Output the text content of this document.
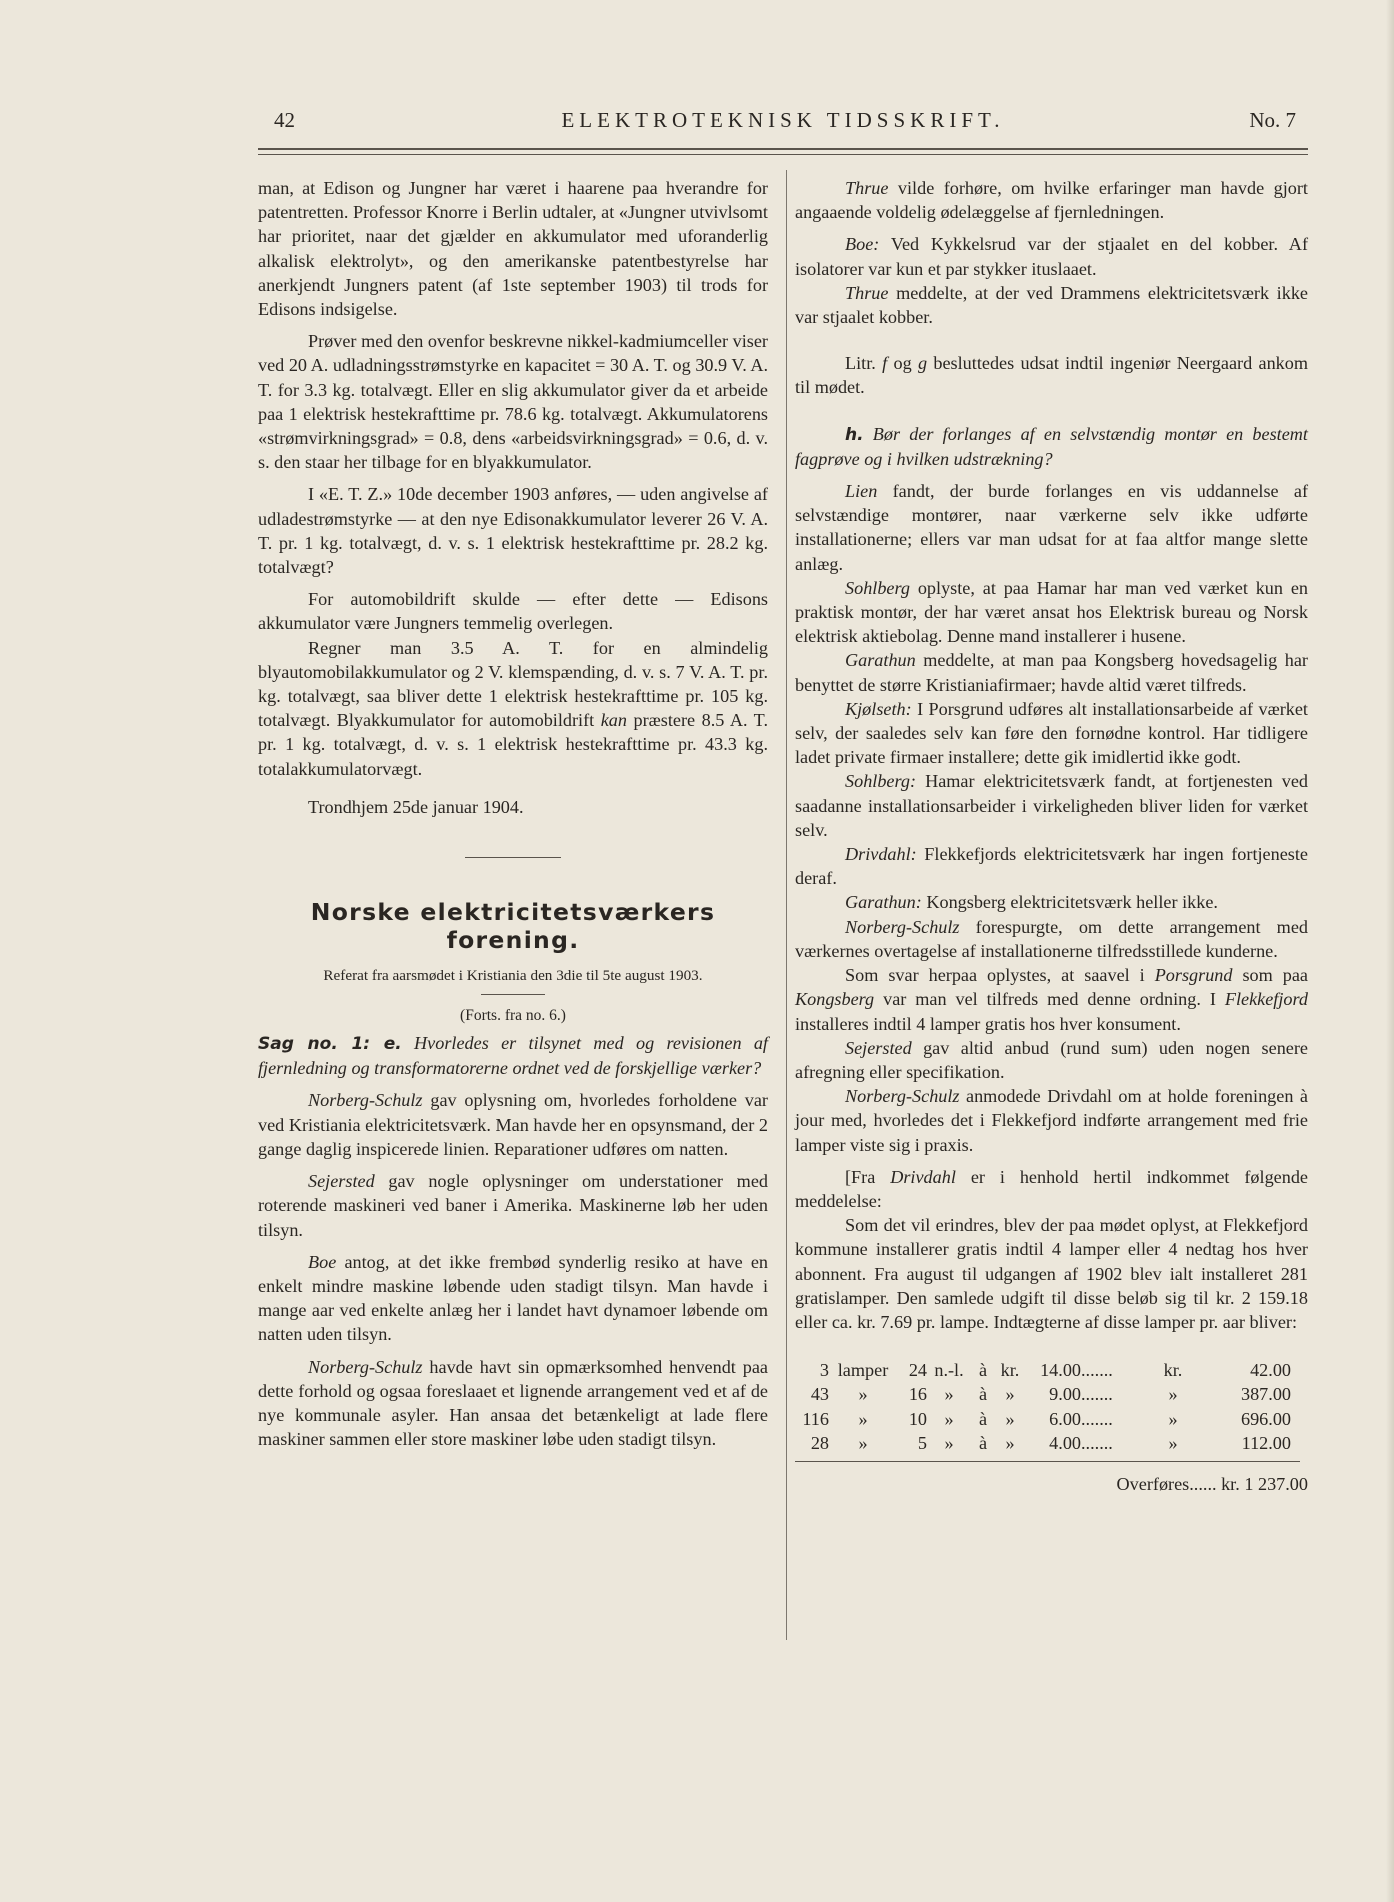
42	ELEKTROTEKNISK TIDSSKRIFT.	No. 7

man, at Edison og Jungner har været i haarene paa hverandre for patentretten. Professor Knorre i Berlin udtaler, at «Jungner utvivlsomt har prioritet, naar det gjælder en akkumulator med uforanderlig alkalisk elektrolyt», og den amerikanske patentbestyrelse har anerkjendt Jungners patent (af 1ste september 1903) til trods for Edisons indsigelse.

Prøver med den ovenfor beskrevne nikkel-kadmiumceller viser ved 20 A. udladningsstrømstyrke en kapacitet = 30 A. T. og 30.9 V. A. T. for 3.3 kg. totalvægt. Eller en slig akkumulator giver da et arbeide paa 1 elektrisk hestekrafttime pr. 78.6 kg. totalvægt. Akkumulatorens «strømvirkningsgrad» = 0.8, dens «arbeidsvirkningsgrad» = 0.6, d. v. s. den staar her tilbage for en blyakkumulator.

I «E. T. Z.» 10de december 1903 anføres, — uden angivelse af udladestrømstyrke — at den nye Edisonakkumulator leverer 26 V. A. T. pr. 1 kg. totalvægt, d. v. s. 1 elektrisk hestekrafttime pr. 28.2 kg. totalvægt?

For automobildrift skulde — efter dette — Edisons akkumulator være Jungners temmelig overlegen.

Regner man 3.5 A. T. for en almindelig blyautomobilakkumulator og 2 V. klemspænding, d. v. s. 7 V. A. T. pr. kg. totalvægt, saa bliver dette 1 elektrisk hestekrafttime pr. 105 kg. totalvægt. Blyakkumulator for automobildrift kan præstere 8.5 A. T. pr. 1 kg. totalvægt, d. v. s. 1 elektrisk hestekrafttime pr. 43.3 kg. totalakkumulatorvægt.

Trondhjem 25de januar 1904.

Norske elektricitetsværkers
forening.
Referat fra aarsmødet i Kristiania den 3die til 5te august 1903.
(Forts. fra no. 6.)

Sag no. 1: e. Hvorledes er tilsynet med og revisionen af fjernledning og transformatorerne ordnet ved de forskjellige værker?

Norberg-Schulz gav oplysning om, hvorledes forholdene var ved Kristiania elektricitetsværk. Man havde her en opsynsmand, der 2 gange daglig inspicerede linien. Reparationer udføres om natten.

Sejersted gav nogle oplysninger om understationer med roterende maskineri ved baner i Amerika. Maskinerne løb her uden tilsyn.

Boe antog, at det ikke frembød synderlig resiko at have en enkelt mindre maskine løbende uden stadigt tilsyn. Man havde i mange aar ved enkelte anlæg her i landet havt dynamoer løbende om natten uden tilsyn.

Norberg-Schulz havde havt sin opmærksomhed henvendt paa dette forhold og ogsaa foreslaaet et lignende arrangement ved et af de nye kommunale asyler. Han ansaa det betænkeligt at lade flere maskiner sammen eller store maskiner løbe uden stadigt tilsyn.

Thrue vilde forhøre, om hvilke erfaringer man havde gjort angaaende voldelig ødelæggelse af fjernledningen.

Boe: Ved Kykkelsrud var der stjaalet en del kobber. Af isolatorer var kun et par stykker ituslaaet.

Thrue meddelte, at der ved Drammens elektricitetsværk ikke var stjaalet kobber.

Litr. f og g besluttedes udsat indtil ingeniør Neergaard ankom til mødet.

h. Bør der forlanges af en selvstændig montør en bestemt fagprøve og i hvilken udstrækning?

Lien fandt, der burde forlanges en vis uddannelse af selvstændige montører, naar værkerne selv ikke udførte installationerne; ellers var man udsat for at faa altfor mange slette anlæg.

Sohlberg oplyste, at paa Hamar har man ved værket kun en praktisk montør, der har været ansat hos Elektrisk bureau og Norsk elektrisk aktiebolag. Denne mand installerer i husene.

Garathun meddelte, at man paa Kongsberg hovedsagelig har benyttet de større Kristianiafirmaer; havde altid været tilfreds.

Kjølseth: I Porsgrund udføres alt installationsarbeide af værket selv, der saaledes selv kan føre den fornødne kontrol. Har tidligere ladet private firmaer installere; dette gik imidlertid ikke godt.

Sohlberg: Hamar elektricitetsværk fandt, at fortjenesten ved saadanne installationsarbeider i virkeligheden bliver liden for værket selv.

Drivdahl: Flekkefjords elektricitetsværk har ingen fortjeneste deraf.

Garathun: Kongsberg elektricitetsværk heller ikke.

Norberg-Schulz forespurgte, om dette arrangement med værkernes overtagelse af installationerne tilfredsstillede kunderne.

Som svar herpaa oplystes, at saavel i Porsgrund som paa Kongsberg var man vel tilfreds med denne ordning. I Flekkefjord installeres indtil 4 lamper gratis hos hver konsument.

Sejersted gav altid anbud (rund sum) uden nogen senere afregning eller specifikation.

Norberg-Schulz anmodede Drivdahl om at holde foreningen à jour med, hvorledes det i Flekkefjord indførte arrangement med frie lamper viste sig i praxis.

[Fra Drivdahl er i henhold hertil indkommet følgende meddelelse:

Som det vil erindres, blev der paa mødet oplyst, at Flekkefjord kommune installerer gratis indtil 4 lamper eller 4 nedtag hos hver abonnent. Fra august til udgangen af 1902 blev ialt installeret 281 gratislamper. Den samlede udgift til disse beløb sig til kr. 2 159.18 eller ca. kr. 7.69 pr. lampe. Indtægterne af disse lamper pr. aar bliver:

3	lamper	24	n.-l.	à	kr.	14.00	.......	kr.	42.00
43	»	16	»	à	»	9.00	.......	»	387.00
116	»	10	»	à	»	6.00	.......	»	696.00
28	»	5	»	à	»	4.00	.......	»	112.00
Overføres...... kr. 1 237.00
